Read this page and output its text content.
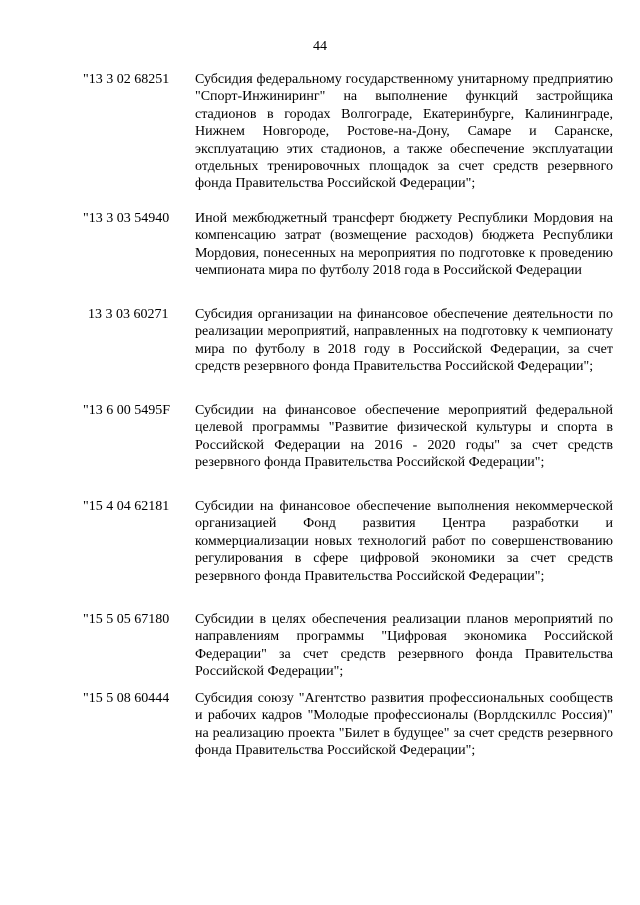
44
"13 3 02 68251	Субсидия федеральному государственному унитарному предприятию "Спорт-Инжиниринг" на выполнение функций застройщика стадионов в городах Волгограде, Екатеринбурге, Калининграде, Нижнем Новгороде, Ростове-на-Дону, Самаре и Саранске, эксплуатацию этих стадионов, а также обеспечение эксплуатации отдельных тренировочных площадок за счет средств резервного фонда Правительства Российской Федерации";
"13 3 03 54940	Иной межбюджетный трансферт бюджету Республики Мордовия на компенсацию затрат (возмещение расходов) бюджета Республики Мордовия, понесенных на мероприятия по подготовке к проведению чемпионата мира по футболу 2018 года в Российской Федерации
13 3 03 60271	Субсидия организации на финансовое обеспечение деятельности по реализации мероприятий, направленных на подготовку к чемпионату мира по футболу в 2018 году в Российской Федерации, за счет средств резервного фонда Правительства Российской Федерации";
"13 6 00 5495F	Субсидии на финансовое обеспечение мероприятий федеральной целевой программы "Развитие физической культуры и спорта в Российской Федерации на 2016 - 2020 годы" за счет средств резервного фонда Правительства Российской Федерации";
"15 4 04 62181	Субсидии на финансовое обеспечение выполнения некоммерческой организацией Фонд развития Центра разработки и коммерциализации новых технологий работ по совершенствованию регулирования в сфере цифровой экономики за счет средств резервного фонда Правительства Российской Федерации";
"15 5 05 67180	Субсидии в целях обеспечения реализации планов мероприятий по направлениям программы "Цифровая экономика Российской Федерации" за счет средств резервного фонда Правительства Российской Федерации";
"15 5 08 60444	Субсидия союзу "Агентство развития профессиональных сообществ и рабочих кадров "Молодые профессионалы (Ворлдскиллс Россия)" на реализацию проекта "Билет в будущее" за счет средств резервного фонда Правительства Российской Федерации";
